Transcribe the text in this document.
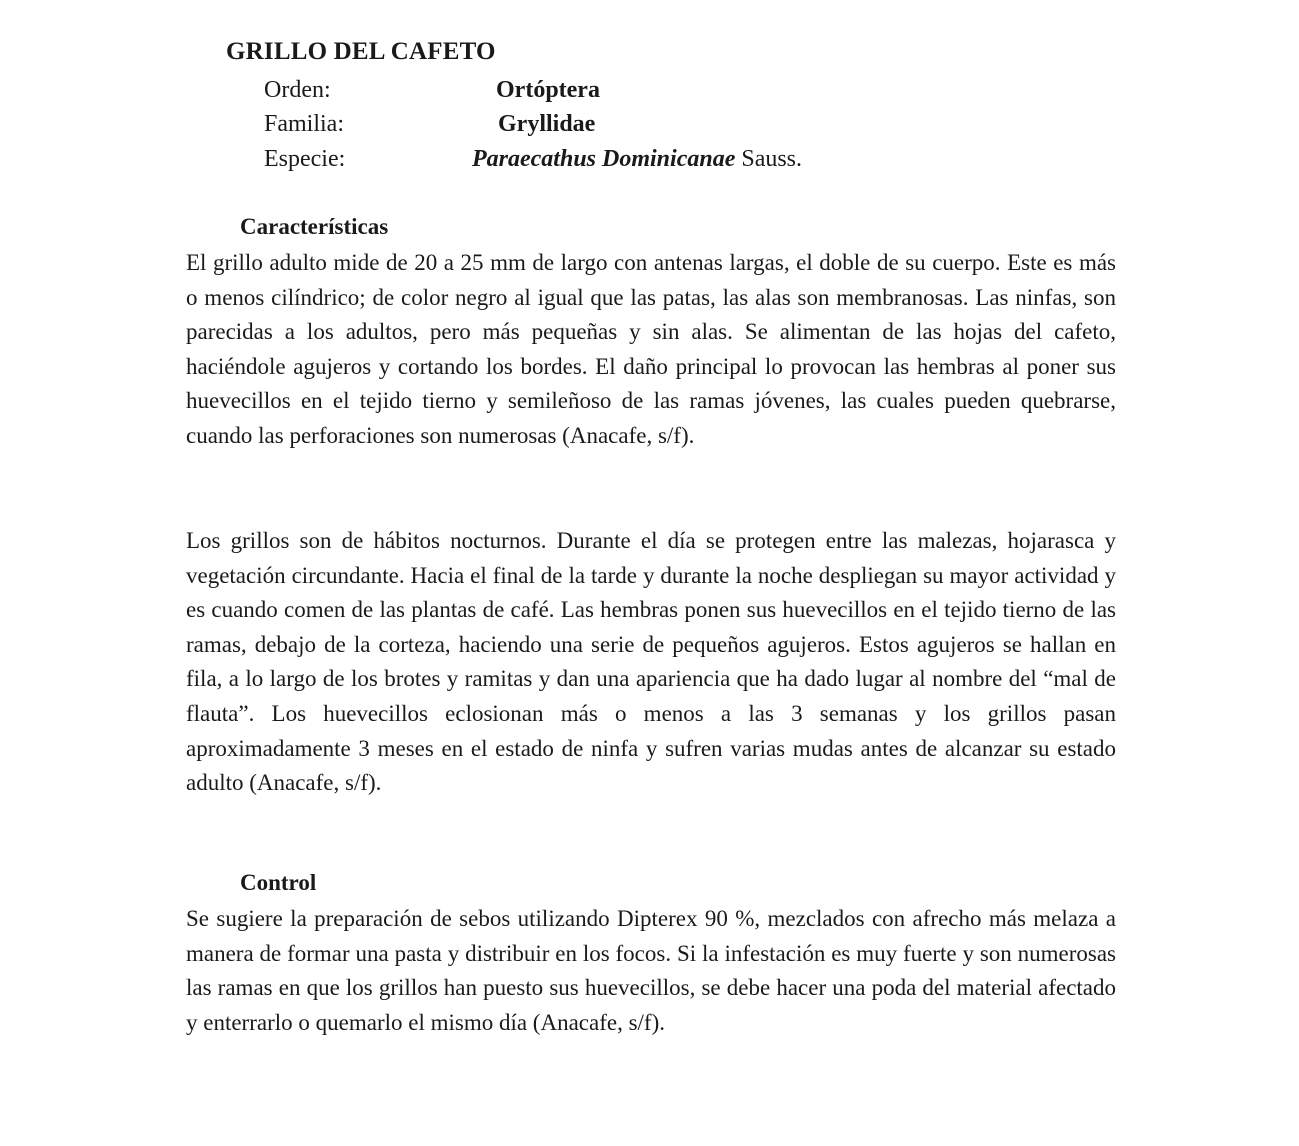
GRILLO DEL CAFETO
Orden:	Ortóptera
Familia:	Gryllidae
Especie:	Paraecathus Dominicanae Sauss.
Características

El grillo adulto mide de 20 a 25 mm de largo con antenas largas, el doble de su cuerpo. Este es más o menos cilíndrico; de color negro al igual que las patas, las alas son membranosas. Las ninfas, son parecidas a los adultos, pero más pequeñas y sin alas. Se alimentan de las hojas del cafeto, haciéndole agujeros y cortando los bordes. El daño principal lo provocan las hembras al poner sus huevecillos en el tejido tierno y semileñoso de las ramas jóvenes, las cuales pueden quebrarse, cuando las perforaciones son numerosas (Anacafe, s/f).

Los grillos son de hábitos nocturnos. Durante el día se protegen entre las malezas, hojarasca y vegetación circundante. Hacia el final de la tarde y durante la noche despliegan su mayor actividad y es cuando comen de las plantas de café. Las hembras ponen sus huevecillos en el tejido tierno de las ramas, debajo de la corteza, haciendo una serie de pequeños agujeros. Estos agujeros se hallan en fila, a lo largo de los brotes y ramitas y dan una apariencia que ha dado lugar al nombre del “mal de flauta”. Los huevecillos eclosionan más o menos a las 3 semanas y los grillos pasan aproximadamente 3 meses en el estado de ninfa y sufren varias mudas antes de alcanzar su estado adulto (Anacafe, s/f).

Control

Se sugiere la preparación de sebos utilizando Dipterex 90 %, mezclados con afrecho más melaza a manera de formar una pasta y distribuir en los focos. Si la infestación es muy fuerte y son numerosas las ramas en que los grillos han puesto sus huevecillos, se debe hacer una poda del material afectado y enterrarlo o quemarlo el mismo día (Anacafe, s/f).
